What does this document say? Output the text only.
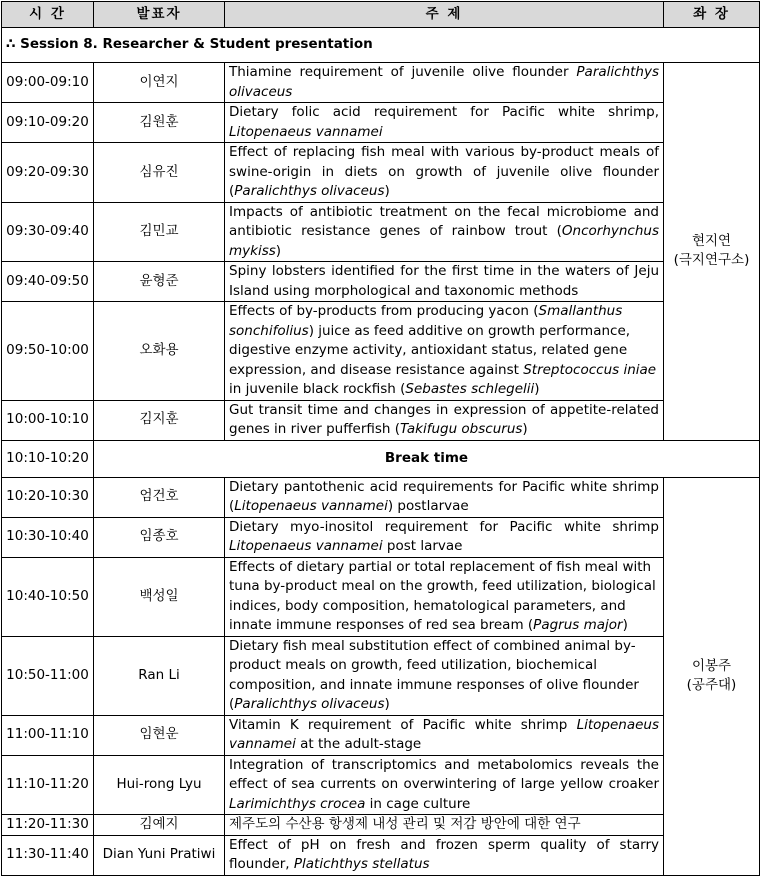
시 간	발표자	주 제	좌 장
∴ Session 8. Researcher & Student presentation			
09:00-09:10	이연지	Thiamine requirement of juvenile olive flounder Paralichthys olivaceus	현지연
(극지연구소)
09:10-09:20	김원훈	Dietary folic acid requirement for Pacific white shrimp, Litopenaeus vannamei	
09:20-09:30	심유진	Effect of replacing fish meal with various by-product meals of swine-origin in diets on growth of juvenile olive flounder (Paralichthys olivaceus)	
09:30-09:40	김민교	Impacts of antibiotic treatment on the fecal microbiome and antibiotic resistance genes of rainbow trout (Oncorhynchus mykiss)	
09:40-09:50	윤형준	Spiny lobsters identified for the first time in the waters of Jeju Island using morphological and taxonomic methods	
09:50-10:00	오화용	Effects of by-products from producing yacon (Smallanthus sonchifolius) juice as feed additive on growth performance, digestive enzyme activity, antioxidant status, related gene expression, and disease resistance against Streptococcus iniae in juvenile black rockfish (Sebastes schlegelii)	
10:00-10:10	김지훈	Gut transit time and changes in expression of appetite-related genes in river pufferfish (Takifugu obscurus)	
10:10-10:20	Break time		
10:20-10:30	엄건호	Dietary pantothenic acid requirements for Pacific white shrimp (Litopenaeus vannamei) postlarvae	이봉주
(공주대)
10:30-10:40	임종호	Dietary myo-inositol requirement for Pacific white shrimp Litopenaeus vannamei post larvae	
10:40-10:50	백성일	Effects of dietary partial or total replacement of fish meal with tuna by-product meal on the growth, feed utilization, biological indices, body composition, hematological parameters, and innate immune responses of red sea bream (Pagrus major)	
10:50-11:00	Ran Li	Dietary fish meal substitution effect of combined animal by-product meals on growth, feed utilization, biochemical composition, and innate immune responses of olive flounder (Paralichthys olivaceus)	
11:00-11:10	임현운	Vitamin K requirement of Pacific white shrimp Litopenaeus vannamei at the adult-stage	
11:10-11:20	Hui-rong Lyu	Integration of transcriptomics and metabolomics reveals the effect of sea currents on overwintering of large yellow croaker Larimichthys crocea in cage culture	
11:20-11:30	김예지	제주도의 수산용 항생제 내성 관리 및 저감 방안에 대한 연구	
11:30-11:40	Dian Yuni Pratiwi	Effect of pH on fresh and frozen sperm quality of starry flounder, Platichthys stellatus	
